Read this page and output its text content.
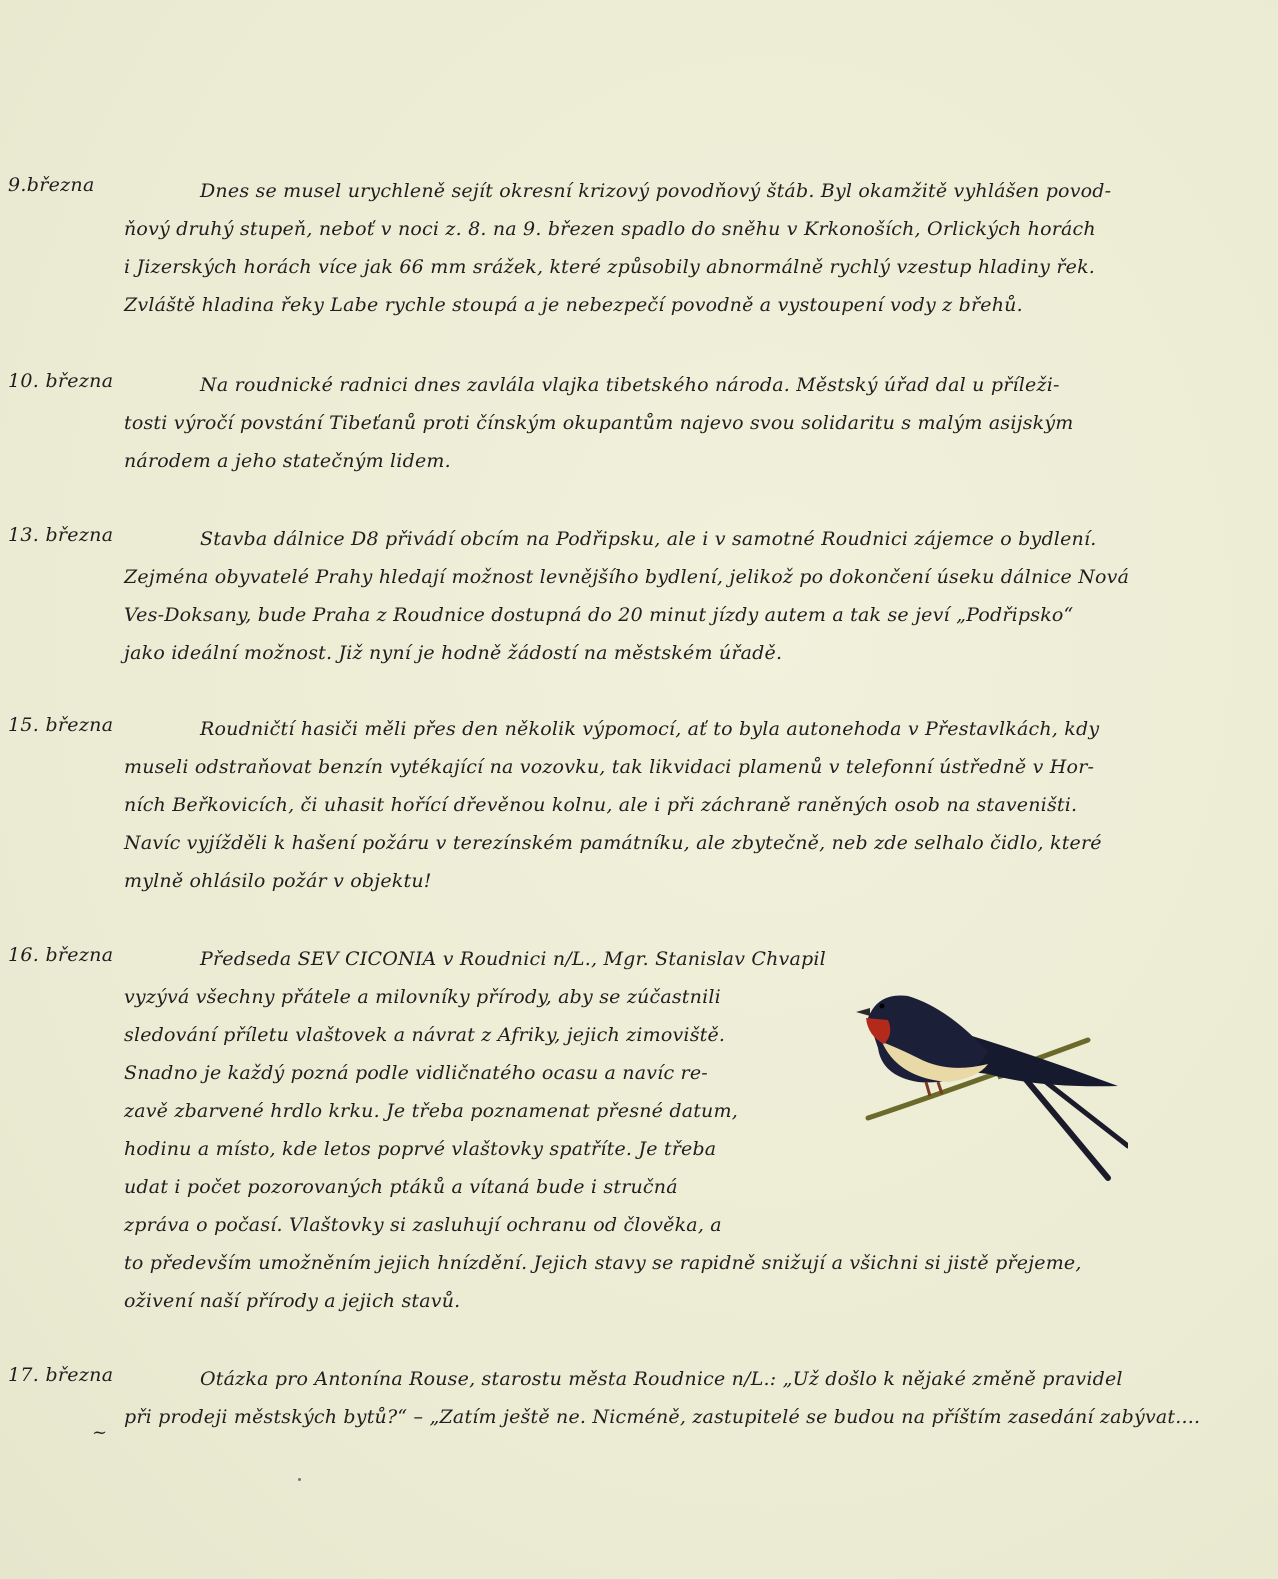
9.března	Dnes se musel urychleně sejít okresní krizový povodňový štáb. Byl okamžitě vyhlášen povod-
ňový druhý stupeň, neboť v noci z. 8. na 9. březen spadlo do sněhu v Krkonoších, Orlických horách
i Jizerských horách více jak 66 mm srážek, které způsobily abnormálně rychlý vzestup hladiny řek.
Zvláště hladina řeky Labe rychle stoupá a je nebezpečí povodně a vystoupení vody z břehů.
10. března	Na roudnické radnici dnes zavlála vlajka tibetského národa. Městský úřad dal u příleži-
tosti výročí povstání Tibeťanů proti čínským okupantům najevo svou solidaritu s malým asijským
národem a jeho statečným lidem.
13. března	Stavba dálnice D8 přivádí obcím na Podřipsku, ale i v samotné Roudnici zájemce o bydlení.
Zejména obyvatelé Prahy hledají možnost levnějšího bydlení, jelikož po dokončení úseku dálnice Nová
Ves-Doksany, bude Praha z Roudnice dostupná do 20 minut jízdy autem a tak se jeví „Podřipsko“
jako ideální možnost. Již nyní je hodně žádostí na městském úřadě.
15. března	Roudničtí hasiči měli přes den několik výpomocí, ať to byla autonehoda v Přestavlkách, kdy
museli odstraňovat benzín vytékající na vozovku, tak likvidaci plamenů v telefonní ústředně v Hor-
ních Beřkovicích, či uhasit hořící dřevěnou kolnu, ale i při záchraně raněných osob na staveništi.
Navíc vyjížděli k hašení požáru v terezínském památníku, ale zbytečně, neb zde selhalo čidlo, které
mylně ohlásilo požár v objektu!
16. března	Předseda SEV CICONIA v Roudnici n/L., Mgr. Stanislav Chvapil
vyzývá všechny přátele a milovníky přírody, aby se zúčastnili
sledování příletu vlaštovek a návrat z Afriky, jejich zimoviště.
Snadno je každý pozná podle vidličnatého ocasu a navíc re-
zavě zbarvené hrdlo krku. Je třeba poznamenat přesné datum,
hodinu a místo, kde letos poprvé vlaštovky spatříte. Je třeba
udat i počet pozorovaných ptáků a vítaná bude i stručná
zpráva o počasí. Vlaštovky si zasluhují ochranu od člověka, a
to především umožněním jejich hnízdění. Jejich stavy se rapidně snižují a všichni si jistě přejeme,
oživení naší přírody a jejich stavů.
17. března	Otázka pro Antonína Rouse, starostu města Roudnice n/L.: „Už došlo k nějaké změně pravidel
při prodeji městských bytů?“ – „Zatím ještě ne. Nicméně, zastupitelé se budou na příštím zasedání zabývat....
~
